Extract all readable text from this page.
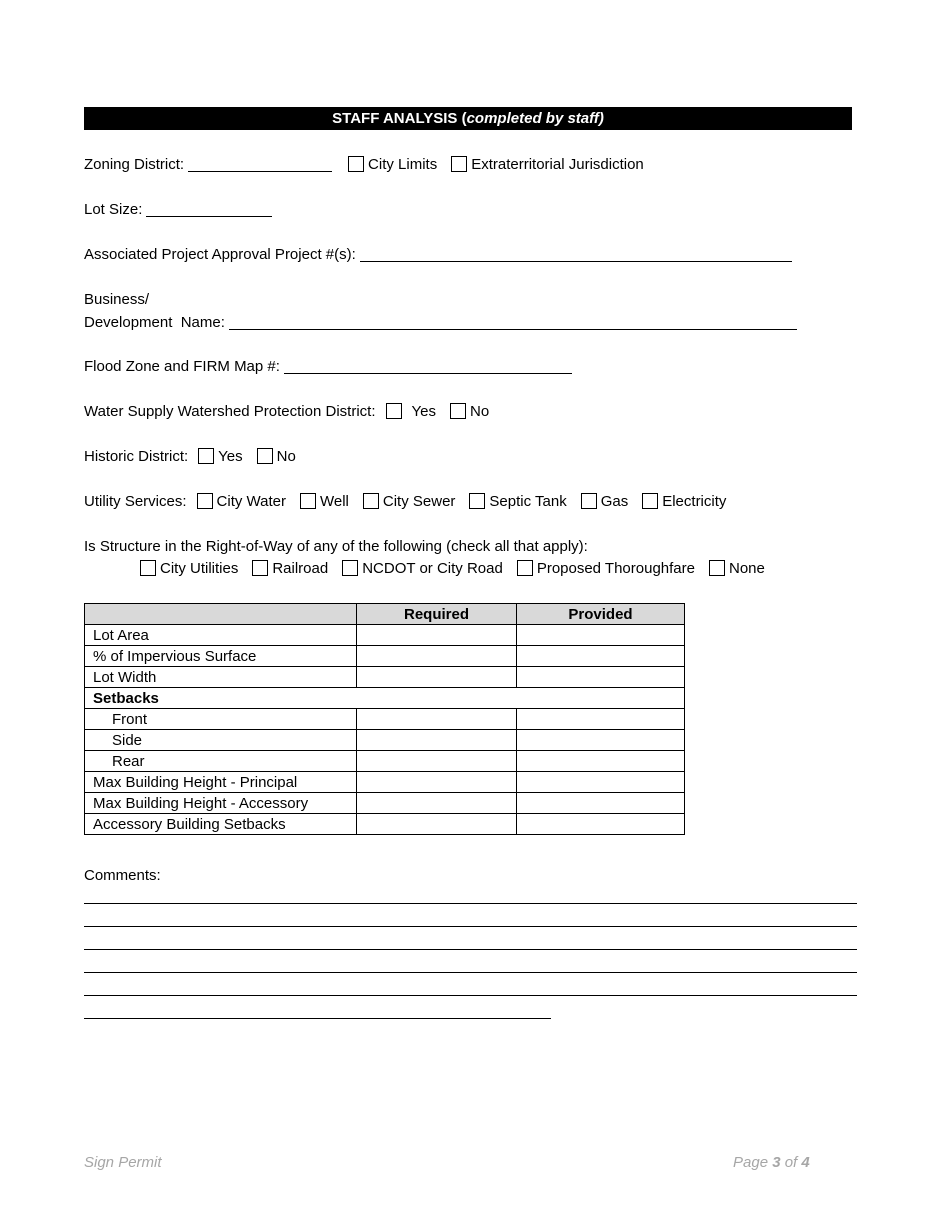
STAFF ANALYSIS (completed by staff)
Zoning District:	City Limits Extraterritorial Jurisdiction
Lot Size:
Associated Project Approval Project #(s):
Business/
Development  Name:
Flood Zone and FIRM Map #:
Water Supply Watershed Protection District: Yes No
Historic District: Yes No
Utility Services: City Water Well City Sewer Septic Tank Gas Electricity
Is Structure in the Right-of-Way of any of the following (check all that apply):
City Utilities Railroad NCDOT or City Road Proposed Thoroughfare None
	Required	Provided
Lot Area		
% of Impervious Surface		
Lot Width		
Setbacks		
Front		
Side		
Rear		
Max Building Height - Principal		
Max Building Height - Accessory		
Accessory Building Setbacks		
Comments:
Sign Permit	Page 3 of 4
